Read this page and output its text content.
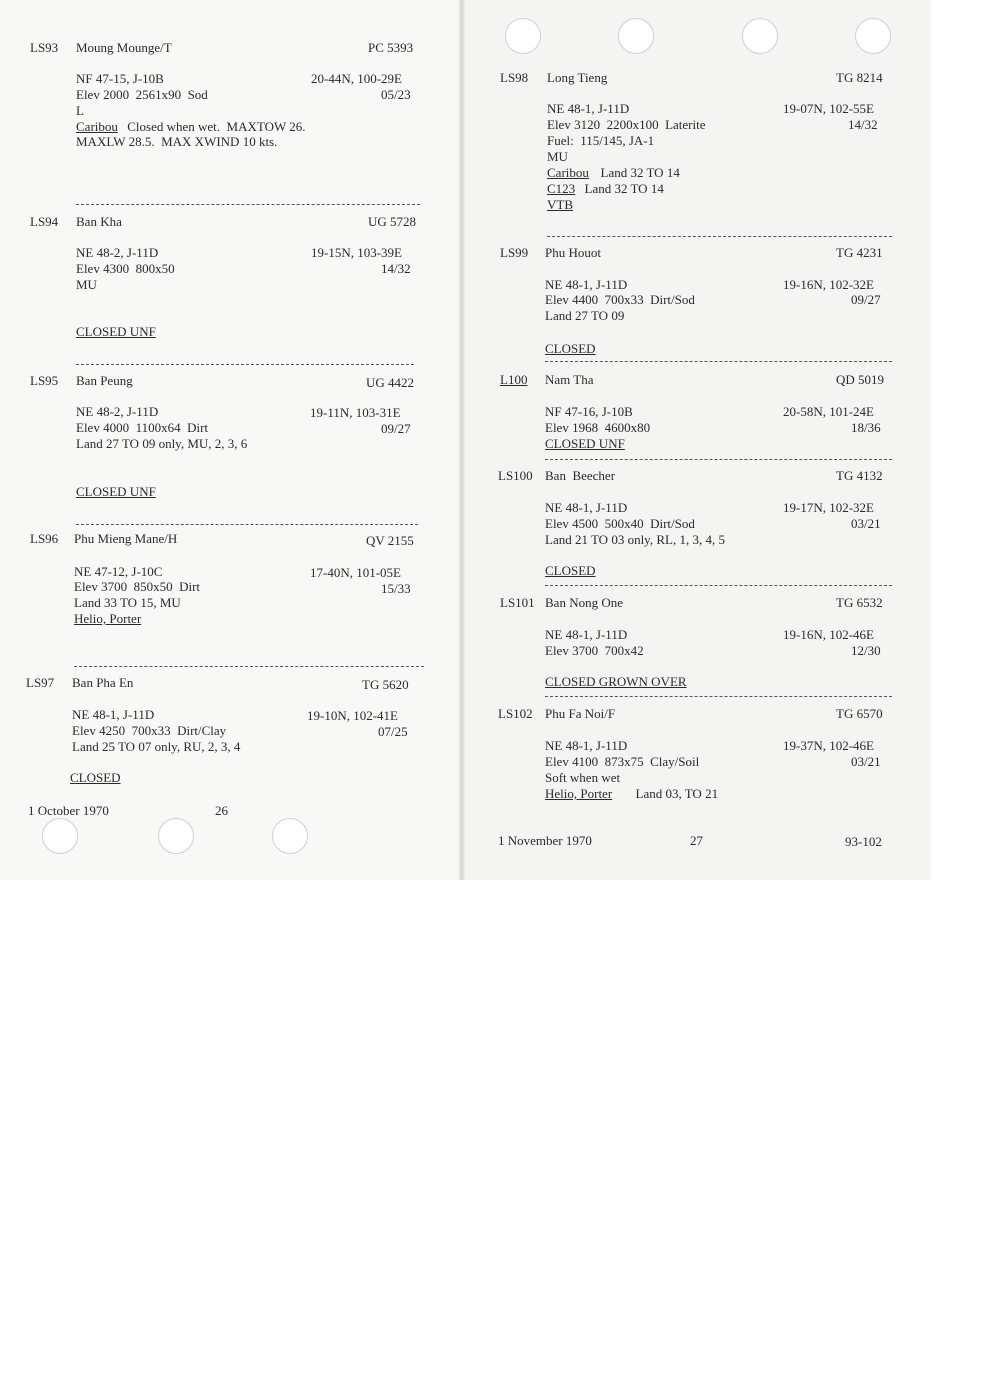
LS93 Moung Mounge/T	PC 5393
NF 47-15, J-10B	20-44N, 100-29E
Elev 2000  2561x90  Sod	05/23
L
Caribou Closed when wet.  MAXTOW 26.
MAXLW 28.5.  MAX XWIND 10 kts.
LS94 Ban Kha	UG 5728
NE 48-2, J-11D	19-15N, 103-39E
Elev 4300  800x50	14/32
MU
CLOSED UNF
LS95 Ban Peung	UG 4422
NE 48-2, J-11D	19-11N, 103-31E
Elev 4000  1100x64  Dirt	09/27
Land 27 TO 09 only, MU, 2, 3, 6
CLOSED UNF
LS96 Phu Mieng Mane/H	QV 2155
NE 47-12, J-10C	17-40N, 101-05E
Elev 3700  850x50  Dirt	15/33
Land 33 TO 15, MU
Helio, Porter
LS97 Ban Pha En	TG 5620
NE 48-1, J-11D	19-10N, 102-41E
Elev 4250  700x33  Dirt/Clay	07/25
Land 25 TO 07 only, RU, 2, 3, 4
CLOSED
1 October 1970	26
LS98 Long Tieng	TG 8214
NE 48-1, J-11D	19-07N, 102-55E
Elev 3120  2200x100  Laterite	14/32
Fuel:  115/145, JA-1
MU
Caribou Land 32 TO 14
C123 Land 32 TO 14
VTB
LS99 Phu Houot	TG 4231
NE 48-1, J-11D	19-16N, 102-32E
Elev 4400  700x33  Dirt/Sod	09/27
Land 27 TO 09
CLOSED
L100 Nam Tha	QD 5019
NF 47-16, J-10B	20-58N, 101-24E
Elev 1968  4600x80	18/36
CLOSED UNF
LS100 Ban  Beecher	TG 4132
NE 48-1, J-11D	19-17N, 102-32E
Elev 4500  500x40  Dirt/Sod	03/21
Land 21 TO 03 only, RL, 1, 3, 4, 5
CLOSED
LS101 Ban Nong One	TG 6532
NE 48-1, J-11D	19-16N, 102-46E
Elev 3700  700x42	12/30
CLOSED GROWN OVER
LS102 Phu Fa Noi/F	TG 6570
NE 48-1, J-11D	19-37N, 102-46E
Elev 4100  873x75  Clay/Soil	03/21
Soft when wet
Helio, Porter Land 03, TO 21
1 November 1970	27	93-102
